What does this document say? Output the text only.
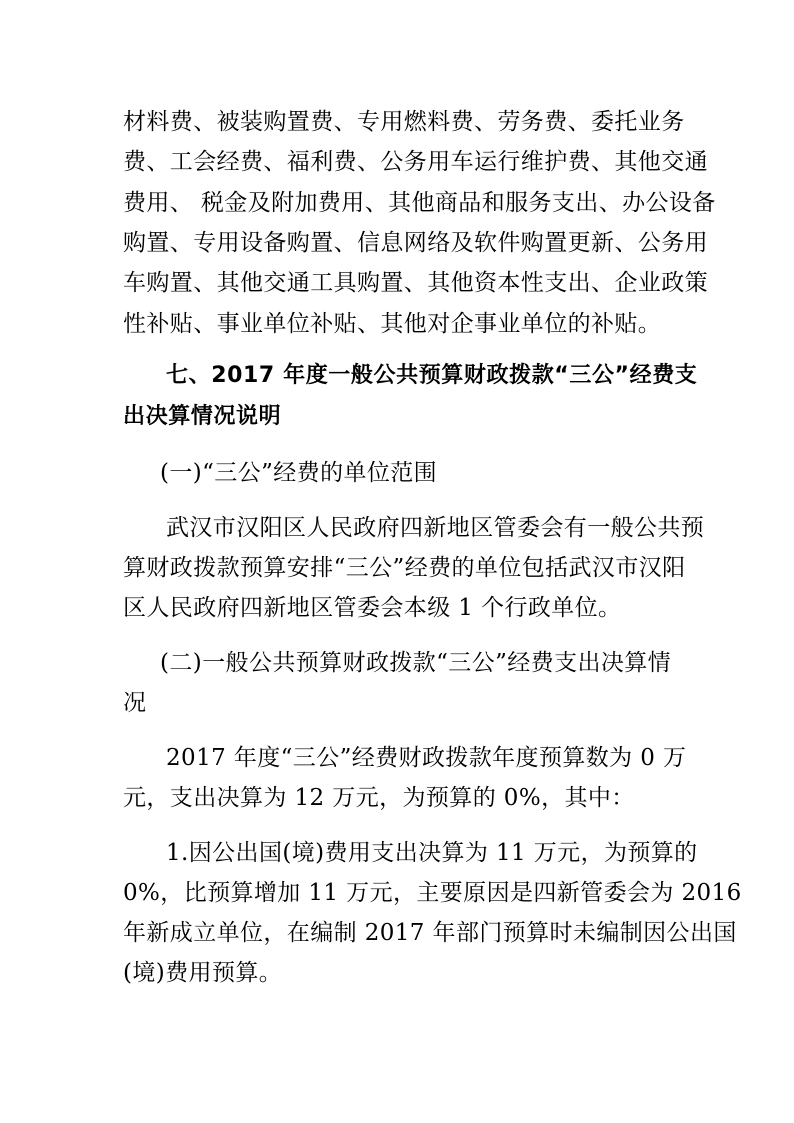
材料费、被装购置费、专用燃料费、劳务费、委托业务
费、工会经费、福利费、公务用车运行维护费、其他交通
费用、 税金及附加费用、其他商品和服务支出、办公设备
购置、专用设备购置、信息网络及软件购置更新、公务用
车购置、其他交通工具购置、其他资本性支出、企业政策
性补贴、事业单位补贴、其他对企事业单位的补贴。
七、2017 年度一般公共预算财政拨款“三公”经费支
出决算情况说明
(一)“三公”经费的单位范围
武汉市汉阳区人民政府四新地区管委会有一般公共预
算财政拨款预算安排“三公”经费的单位包括武汉市汉阳
区人民政府四新地区管委会本级 1 个行政单位。
(二)一般公共预算财政拨款“三公”经费支出决算情
况
2017 年度“三公”经费财政拨款年度预算数为 0 万
元，支出决算为 12 万元，为预算的 0%，其中：
1.因公出国(境)费用支出决算为 11 万元，为预算的
0%，比预算增加 11 万元，主要原因是四新管委会为 2016
年新成立单位，在编制 2017 年部门预算时未编制因公出国
(境)费用预算。
